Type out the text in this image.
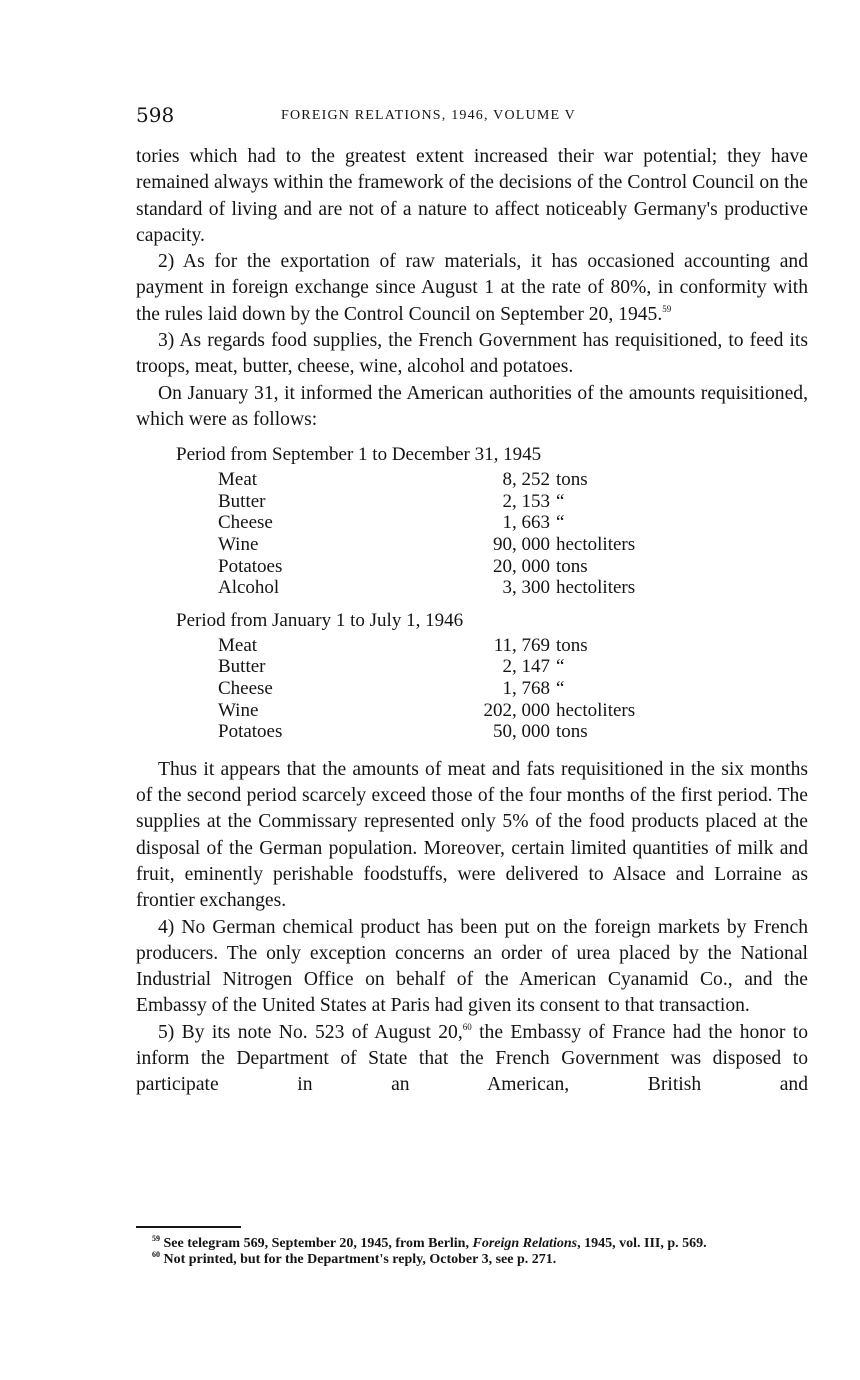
598	FOREIGN RELATIONS, 1946, VOLUME V

tories which had to the greatest extent increased their war potential; they have remained always within the framework of the decisions of the Control Council on the standard of living and are not of a nature to affect noticeably Germany's productive capacity.

2) As for the exportation of raw materials, it has occasioned accounting and payment in foreign exchange since August 1 at the rate of 80%, in conformity with the rules laid down by the Control Council on September 20, 1945.59

3) As regards food supplies, the French Government has requisitioned, to feed its troops, meat, butter, cheese, wine, alcohol and potatoes.

On January 31, it informed the American authorities of the amounts requisitioned, which were as follows:

Period from September 1 to December 31, 1945
Meat	8, 252 tons
Butter	2, 153 “
Cheese	1, 663 “
Wine	90, 000 hectoliters
Potatoes	20, 000 tons
Alcohol	3, 300 hectoliters
Period from January 1 to July 1, 1946
Meat	11, 769 tons
Butter	2, 147 “
Cheese	1, 768 “
Wine	202, 000 hectoliters
Potatoes	50, 000 tons

Thus it appears that the amounts of meat and fats requisitioned in the six months of the second period scarcely exceed those of the four months of the first period. The supplies at the Commissary represented only 5% of the food products placed at the disposal of the German population. Moreover, certain limited quantities of milk and fruit, eminently perishable foodstuffs, were delivered to Alsace and Lorraine as frontier exchanges.

4) No German chemical product has been put on the foreign markets by French producers. The only exception concerns an order of urea placed by the National Industrial Nitrogen Office on behalf of the American Cyanamid Co., and the Embassy of the United States at Paris had given its consent to that transaction.

5) By its note No. 523 of August 20,60 the Embassy of France had the honor to inform the Department of State that the French Government was disposed to participate in an American, British and

$^{59}$ See telegram 569, September 20, 1945, from Berlin, Foreign Relations, 1945, vol. III, p. 569.

$^{60}$ Not printed, but for the Department's reply, October 3, see p. 271.
